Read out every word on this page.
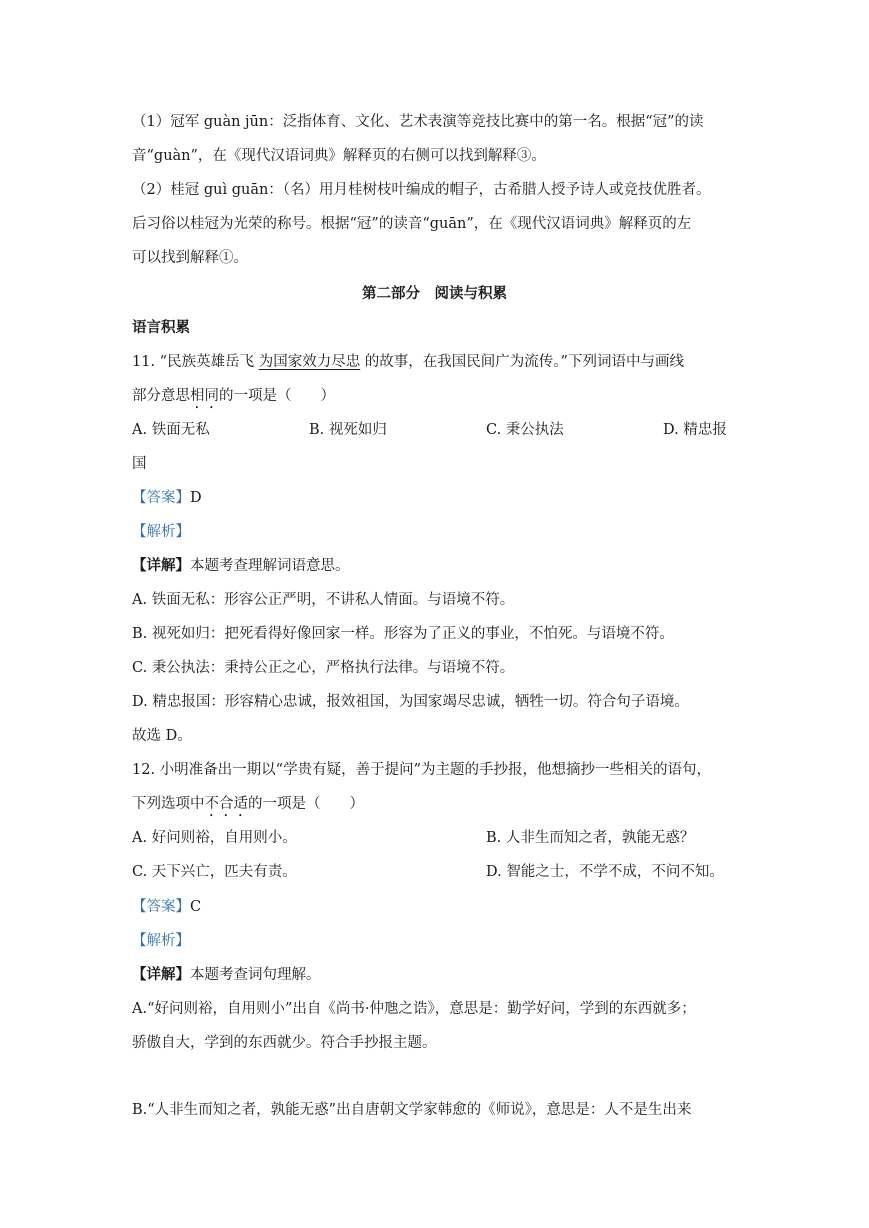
（1）冠军 guàn jūn：泛指体育、文化、艺术表演等竞技比赛中的第一名。根据“冠”的读
音“guàn”，在《现代汉语词典》解释页的右侧可以找到解释③。
（2）桂冠 guì guān：（名）用月桂树枝叶编成的帽子，古希腊人授予诗人或竞技优胜者。
后习俗以桂冠为光荣的称号。根据“冠”的读音“guān”，在《现代汉语词典》解释页的左
可以找到解释①。
第二部分　阅读与积累
语言积累
11. “民族英雄岳飞 为国家效力尽忠 的故事，在我国民间广为流传。”下列词语中与画线
部分意思相同的一项是（　　）
A. 铁面无私	B. 视死如归	C. 秉公执法	D. 精忠报
国
【答案】D
【解析】
【详解】本题考查理解词语意思。
A. 铁面无私：形容公正严明，不讲私人情面。与语境不符。
B. 视死如归：把死看得好像回家一样。形容为了正义的事业，不怕死。与语境不符。
C. 秉公执法：秉持公正之心，严格执行法律。与语境不符。
D. 精忠报国：形容精心忠诚，报效祖国，为国家竭尽忠诚，牺牲一切。符合句子语境。
故选 D。
12. 小明准备出一期以“学贵有疑，善于提问”为主题的手抄报，他想摘抄一些相关的语句，
下列选项中不合适的一项是（　　）
A. 好问则裕，自用则小。	B. 人非生而知之者，孰能无惑？
C. 天下兴亡，匹夫有责。	D. 智能之士，不学不成，不问不知。
【答案】C
【解析】
【详解】本题考查词句理解。
A.“好问则裕，自用则小”出自《尚书·仲虺之诰》，意思是：勤学好问，学到的东西就多；
骄傲自大，学到的东西就少。符合手抄报主题。
B.“人非生而知之者，孰能无惑”出自唐朝文学家韩愈的《师说》，意思是：人不是生出来
